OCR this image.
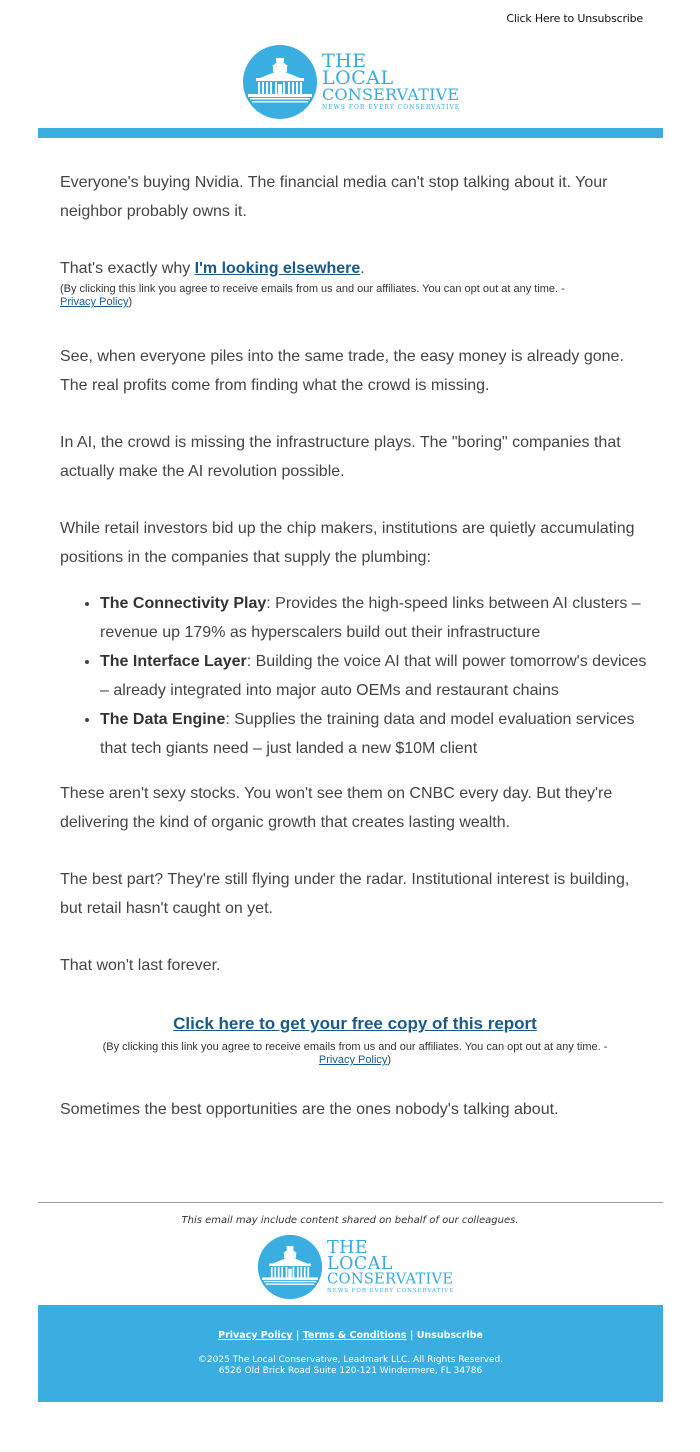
Click Here to Unsubscribe
THE
LOCAL
CONSERVATIVE
NEWS FOR EVERY CONSERVATIVE

Everyone's buying Nvidia. The financial media can't stop talking about it. Your neighbor probably owns it.

That's exactly why I'm looking elsewhere.

(By clicking this link you agree to receive emails from us and our affiliates. You can opt out at any time. -
Privacy Policy)

See, when everyone piles into the same trade, the easy money is already gone. The real profits come from finding what the crowd is missing.

In AI, the crowd is missing the infrastructure plays. The "boring" companies that actually make the AI revolution possible.

While retail investors bid up the chip makers, institutions are quietly accumulating positions in the companies that supply the plumbing:

• The Connectivity Play: Provides the high-speed links between AI clusters – revenue up 179% as hyperscalers build out their infrastructure
• The Interface Layer: Building the voice AI that will power tomorrow's devices – already integrated into major auto OEMs and restaurant chains
• The Data Engine: Supplies the training data and model evaluation services that tech giants need – just landed a new $10M client

These aren't sexy stocks. You won't see them on CNBC every day. But they're delivering the kind of organic growth that creates lasting wealth.

The best part? They're still flying under the radar. Institutional interest is building, but retail hasn't caught on yet.

That won't last forever.

Click here to get your free copy of this report
(By clicking this link you agree to receive emails from us and our affiliates. You can opt out at any time. -
Privacy Policy)

Sometimes the best opportunities are the ones nobody's talking about.

This email may include content shared on behalf of our colleagues.
THE
LOCAL
CONSERVATIVE
NEWS FOR EVERY CONSERVATIVE
Privacy Policy | Terms & Conditions | Unsubscribe
©2025 The Local Conservative, Leadmark LLC. All Rights Reserved.
6526 Old Brick Road Suite 120-121 Windermere, FL 34786
